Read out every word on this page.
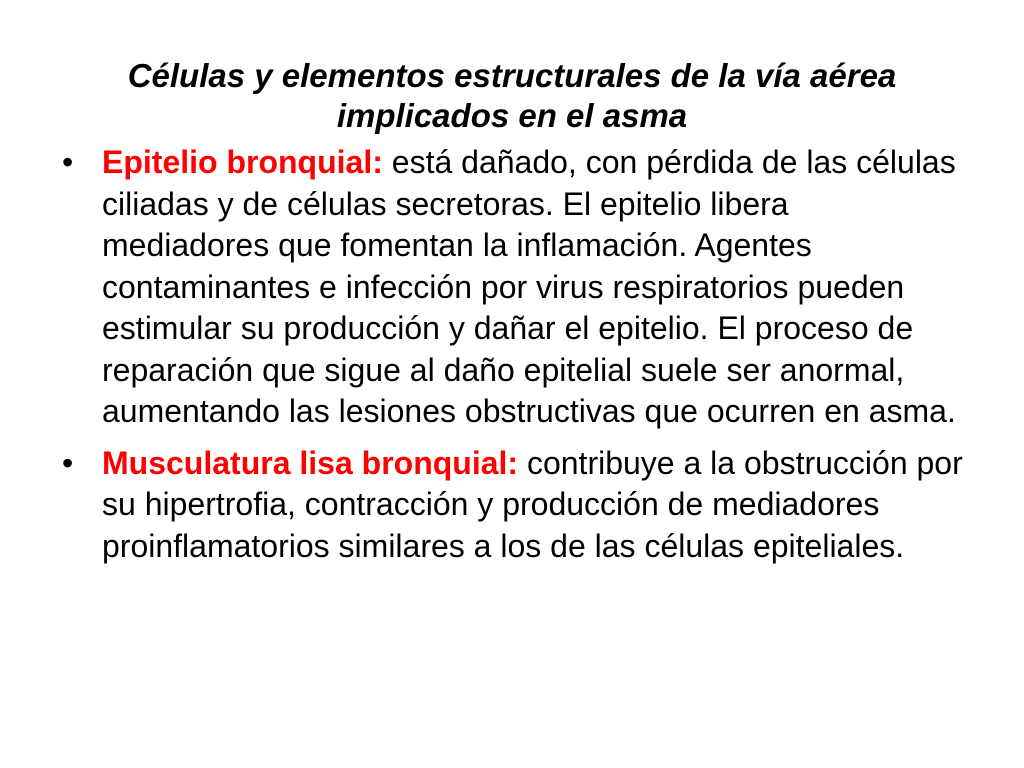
Células y elementos estructurales de la vía aérea implicados en el asma
• Epitelio bronquial: está dañado, con pérdida de las células ciliadas y de células secretoras. El epitelio libera mediadores que fomentan la inflamación. Agentes contaminantes e infección por virus respiratorios pueden estimular su producción y dañar el epitelio. El proceso de reparación que sigue al daño epitelial suele ser anormal, aumentando las lesiones obstructivas que ocurren en asma.
• Musculatura lisa bronquial: contribuye a la obstrucción por su hipertrofia, contracción y producción de mediadores proinflamatorios similares a los de las células epiteliales.
